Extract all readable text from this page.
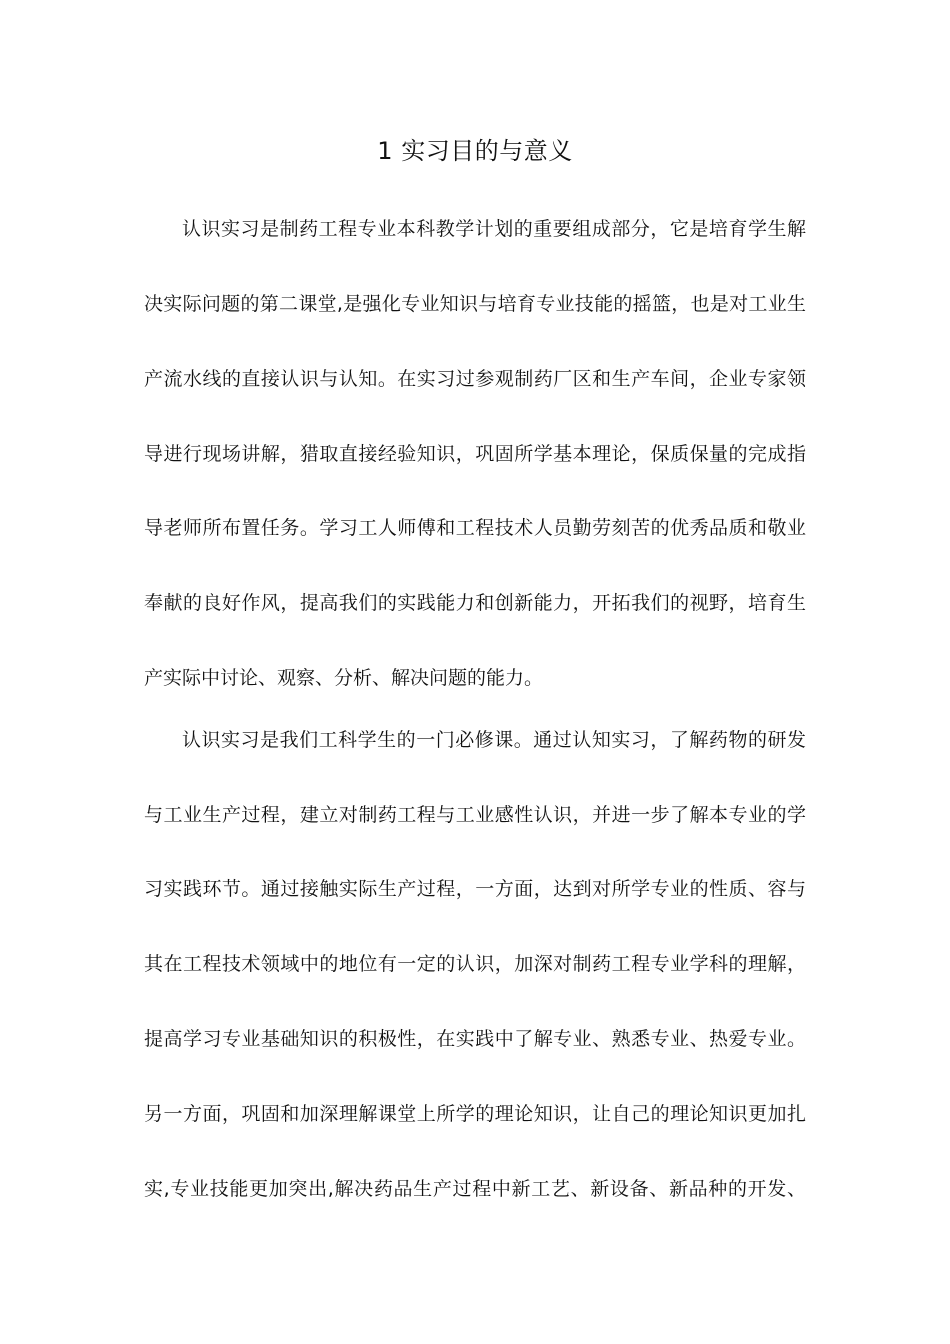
1 实习目的与意义
认识实习是制药工程专业本科教学计划的重要组成部分，它是培育学生解
决实际问题的第二课堂,是强化专业知识与培育专业技能的摇篮，也是对工业生
产流水线的直接认识与认知。在实习过参观制药厂区和生产车间，企业专家领
导进行现场讲解，猎取直接经验知识，巩固所学基本理论，保质保量的完成指
导老师所布置任务。学习工人师傅和工程技术人员勤劳刻苦的优秀品质和敬业
奉献的良好作风，提高我们的实践能力和创新能力，开拓我们的视野，培育生
产实际中讨论、观察、分析、解决问题的能力。
认识实习是我们工科学生的一门必修课。通过认知实习，了解药物的研发
与工业生产过程，建立对制药工程与工业感性认识，并进一步了解本专业的学
习实践环节。通过接触实际生产过程，一方面，达到对所学专业的性质、容与
其在工程技术领域中的地位有一定的认识，加深对制药工程专业学科的理解，
提高学习专业基础知识的积极性，在实践中了解专业、熟悉专业、热爱专业。
另一方面，巩固和加深理解课堂上所学的理论知识，让自己的理论知识更加扎
实,专业技能更加突出,解决药品生产过程中新工艺、新设备、新品种的开发、
